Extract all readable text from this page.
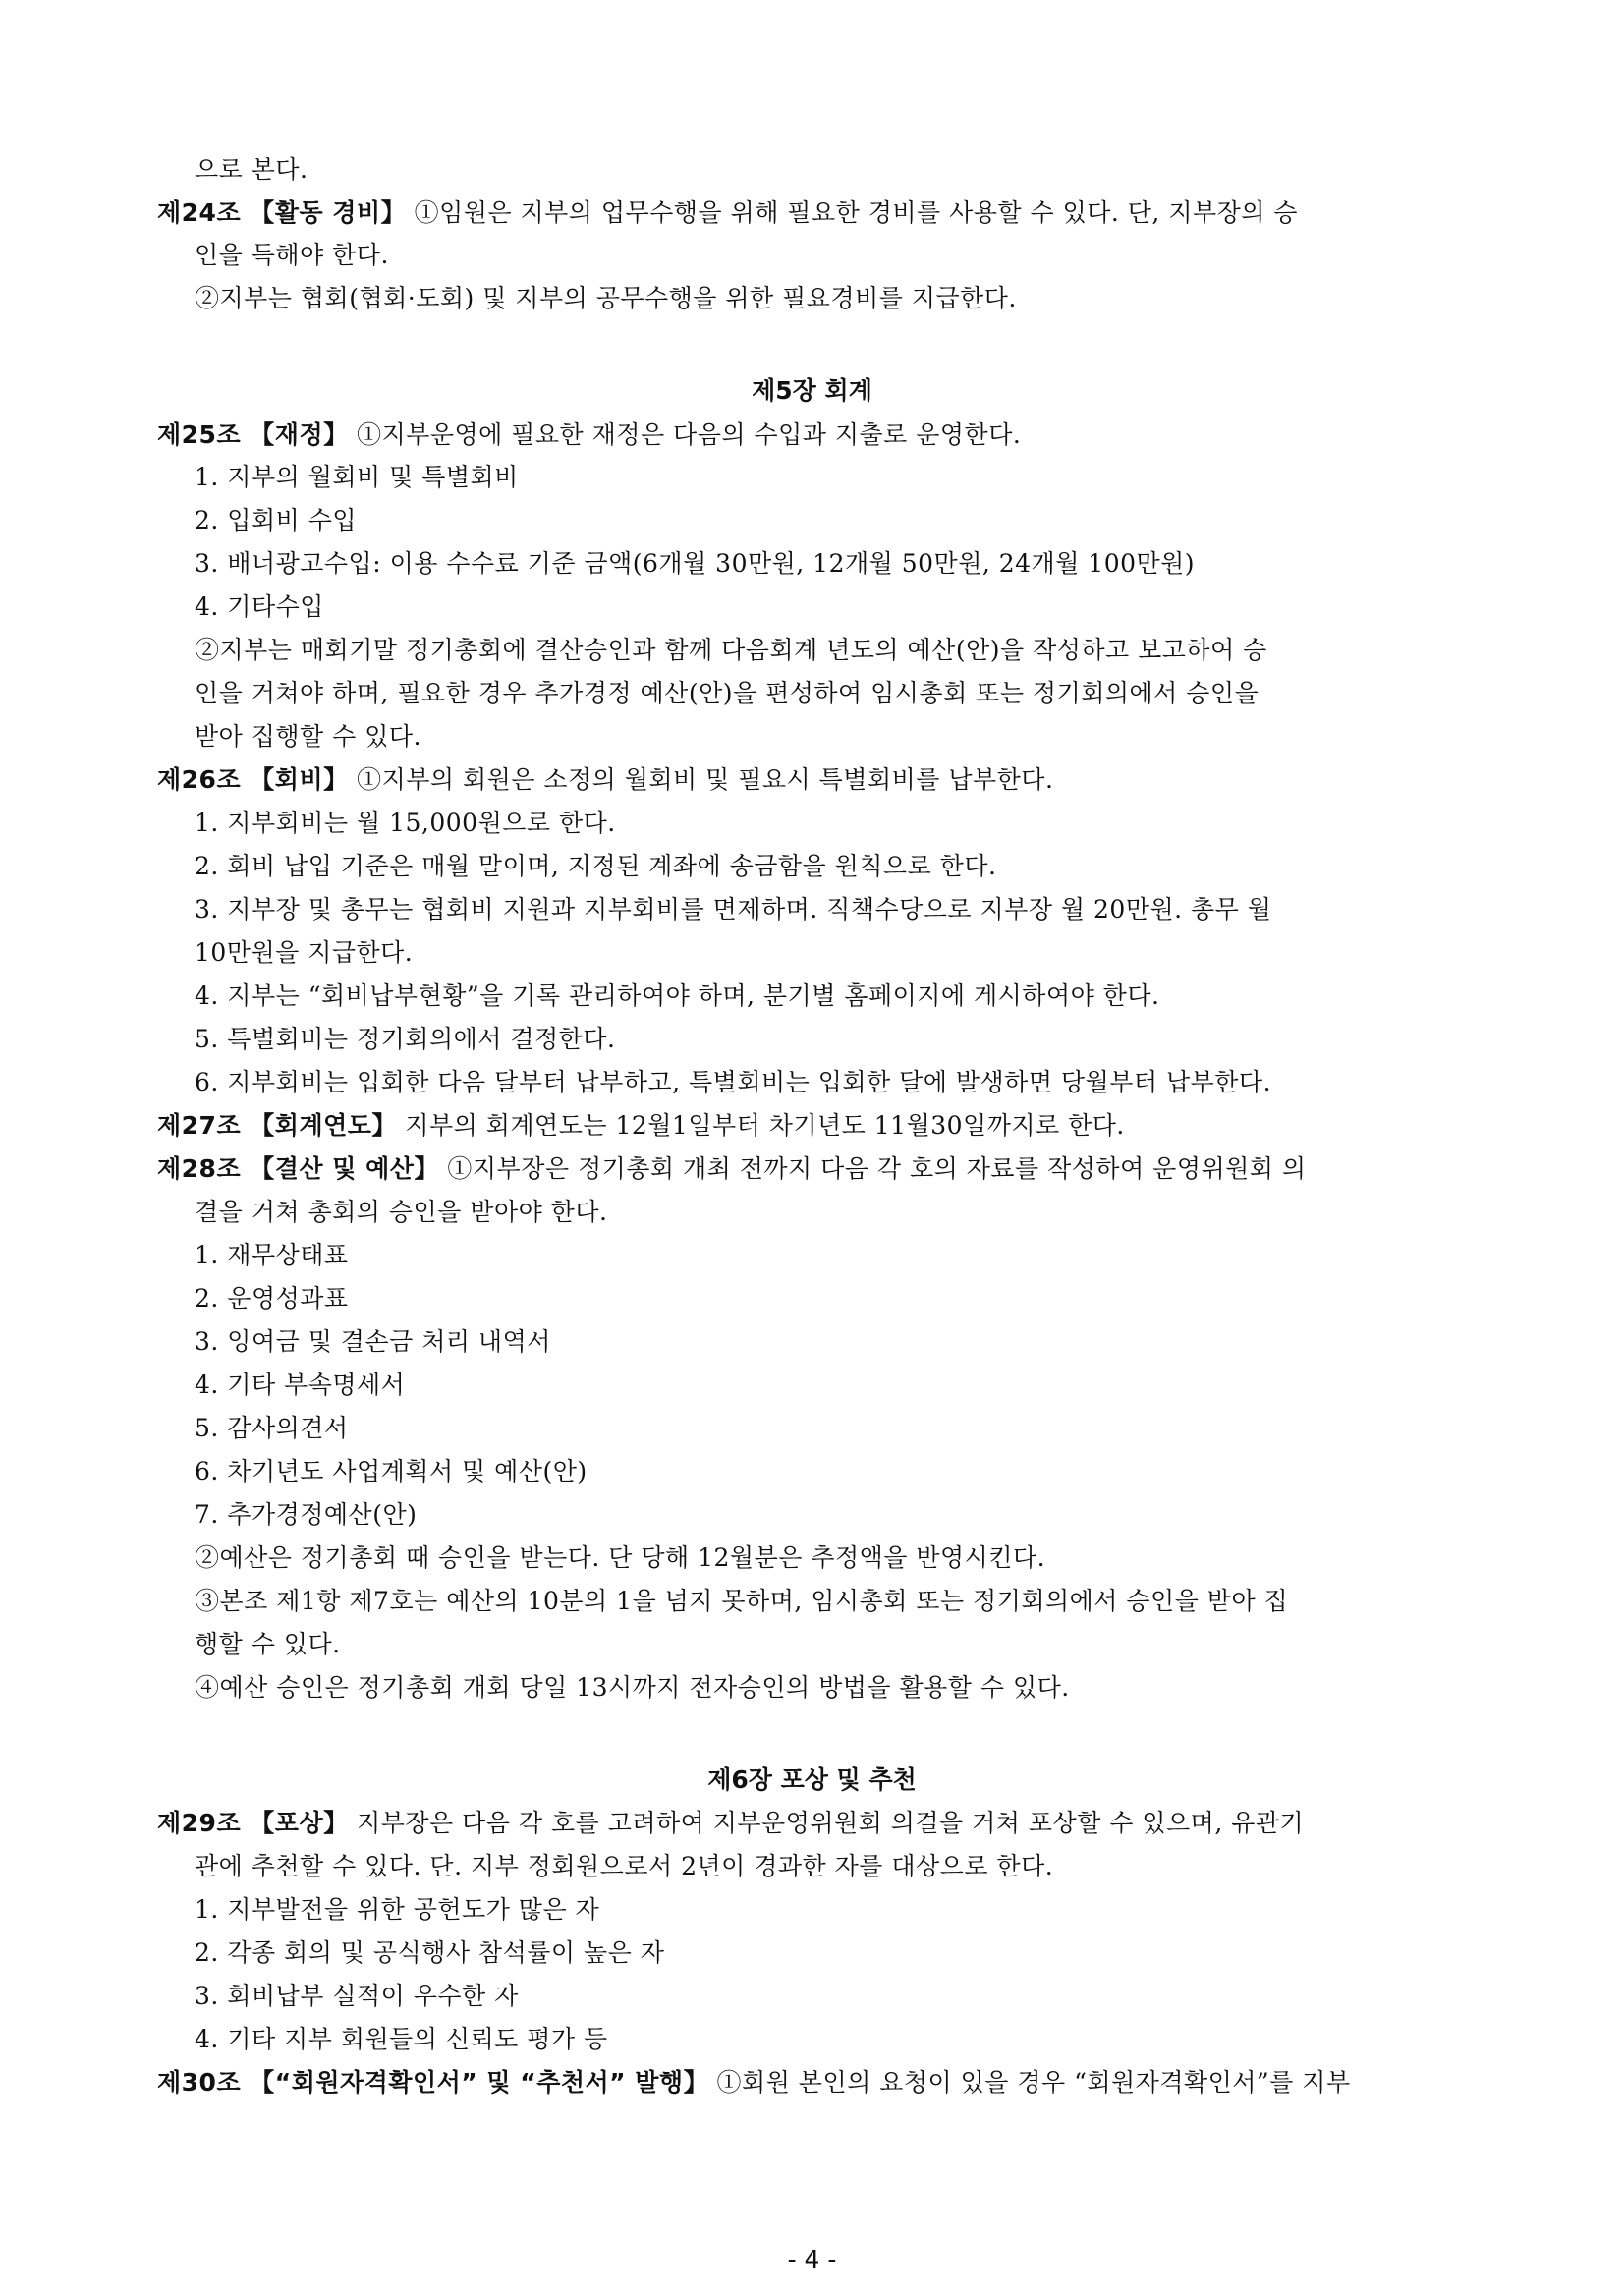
으로 본다.
제24조 【활동 경비】 ①임원은 지부의 업무수행을 위해 필요한 경비를 사용할 수 있다. 단, 지부장의 승
인을 득해야 한다.
②지부는 협회(협회·도회) 및 지부의 공무수행을 위한 필요경비를 지급한다.
제5장 회계
제25조 【재정】 ①지부운영에 필요한 재정은 다음의 수입과 지출로 운영한다.
1. 지부의 월회비 및 특별회비
2. 입회비 수입
3. 배너광고수입: 이용 수수료 기준 금액(6개월 30만원, 12개월 50만원, 24개월 100만원)
4. 기타수입
②지부는 매회기말 정기총회에 결산승인과 함께 다음회계 년도의 예산(안)을 작성하고 보고하여 승
인을 거쳐야 하며, 필요한 경우 추가경정 예산(안)을 편성하여 임시총회 또는 정기회의에서 승인을
받아 집행할 수 있다.
제26조 【회비】 ①지부의 회원은 소정의 월회비 및 필요시 특별회비를 납부한다.
1. 지부회비는 월 15,000원으로 한다.
2. 회비 납입 기준은 매월 말이며, 지정된 계좌에 송금함을 원칙으로 한다.
3. 지부장 및 총무는 협회비 지원과 지부회비를 면제하며. 직책수당으로 지부장 월 20만원. 총무 월
10만원을 지급한다.
4. 지부는 “회비납부현황”을 기록 관리하여야 하며, 분기별 홈페이지에 게시하여야 한다.
5. 특별회비는 정기회의에서 결정한다.
6. 지부회비는 입회한 다음 달부터 납부하고, 특별회비는 입회한 달에 발생하면 당월부터 납부한다.
제27조 【회계연도】 지부의 회계연도는 12월1일부터 차기년도 11월30일까지로 한다.
제28조 【결산 및 예산】 ①지부장은 정기총회 개최 전까지 다음 각 호의 자료를 작성하여 운영위원회 의
결을 거쳐 총회의 승인을 받아야 한다.
1. 재무상태표
2. 운영성과표
3. 잉여금 및 결손금 처리 내역서
4. 기타 부속명세서
5. 감사의견서
6. 차기년도 사업계획서 및 예산(안)
7. 추가경정예산(안)
②예산은 정기총회 때 승인을 받는다. 단 당해 12월분은 추정액을 반영시킨다.
③본조 제1항 제7호는 예산의 10분의 1을 넘지 못하며, 임시총회 또는 정기회의에서 승인을 받아 집
행할 수 있다.
④예산 승인은 정기총회 개회 당일 13시까지 전자승인의 방법을 활용할 수 있다.
제6장 포상 및 추천
제29조 【포상】 지부장은 다음 각 호를 고려하여 지부운영위원회 의결을 거쳐 포상할 수 있으며, 유관기
관에 추천할 수 있다. 단. 지부 정회원으로서 2년이 경과한 자를 대상으로 한다.
1. 지부발전을 위한 공헌도가 많은 자
2. 각종 회의 및 공식행사 참석률이 높은 자
3. 회비납부 실적이 우수한 자
4. 기타 지부 회원들의 신뢰도 평가 등
제30조 【“회원자격확인서” 및 “추천서” 발행】 ①회원 본인의 요청이 있을 경우 “회원자격확인서”를 지부
- 4 -
